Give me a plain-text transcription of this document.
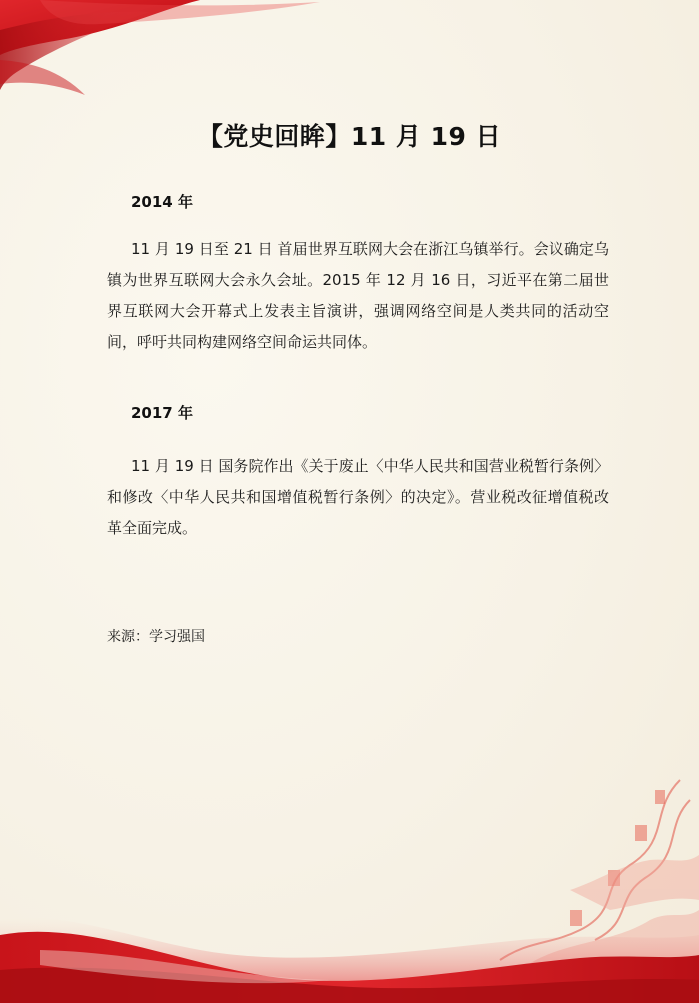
【党史回眸】11 月 19 日
2014 年
11 月 19 日至 21 日 首届世界互联网大会在浙江乌镇举行。会议确定乌镇为世界互联网大会永久会址。2015 年 12 月 16 日，习近平在第二届世界互联网大会开幕式上发表主旨演讲，强调网络空间是人类共同的活动空间，呼吁共同构建网络空间命运共同体。
2017 年
11 月 19 日 国务院作出《关于废止〈中华人民共和国营业税暂行条例〉和修改〈中华人民共和国增值税暂行条例〉的决定》。营业税改征增值税改革全面完成。
来源：学习强国
